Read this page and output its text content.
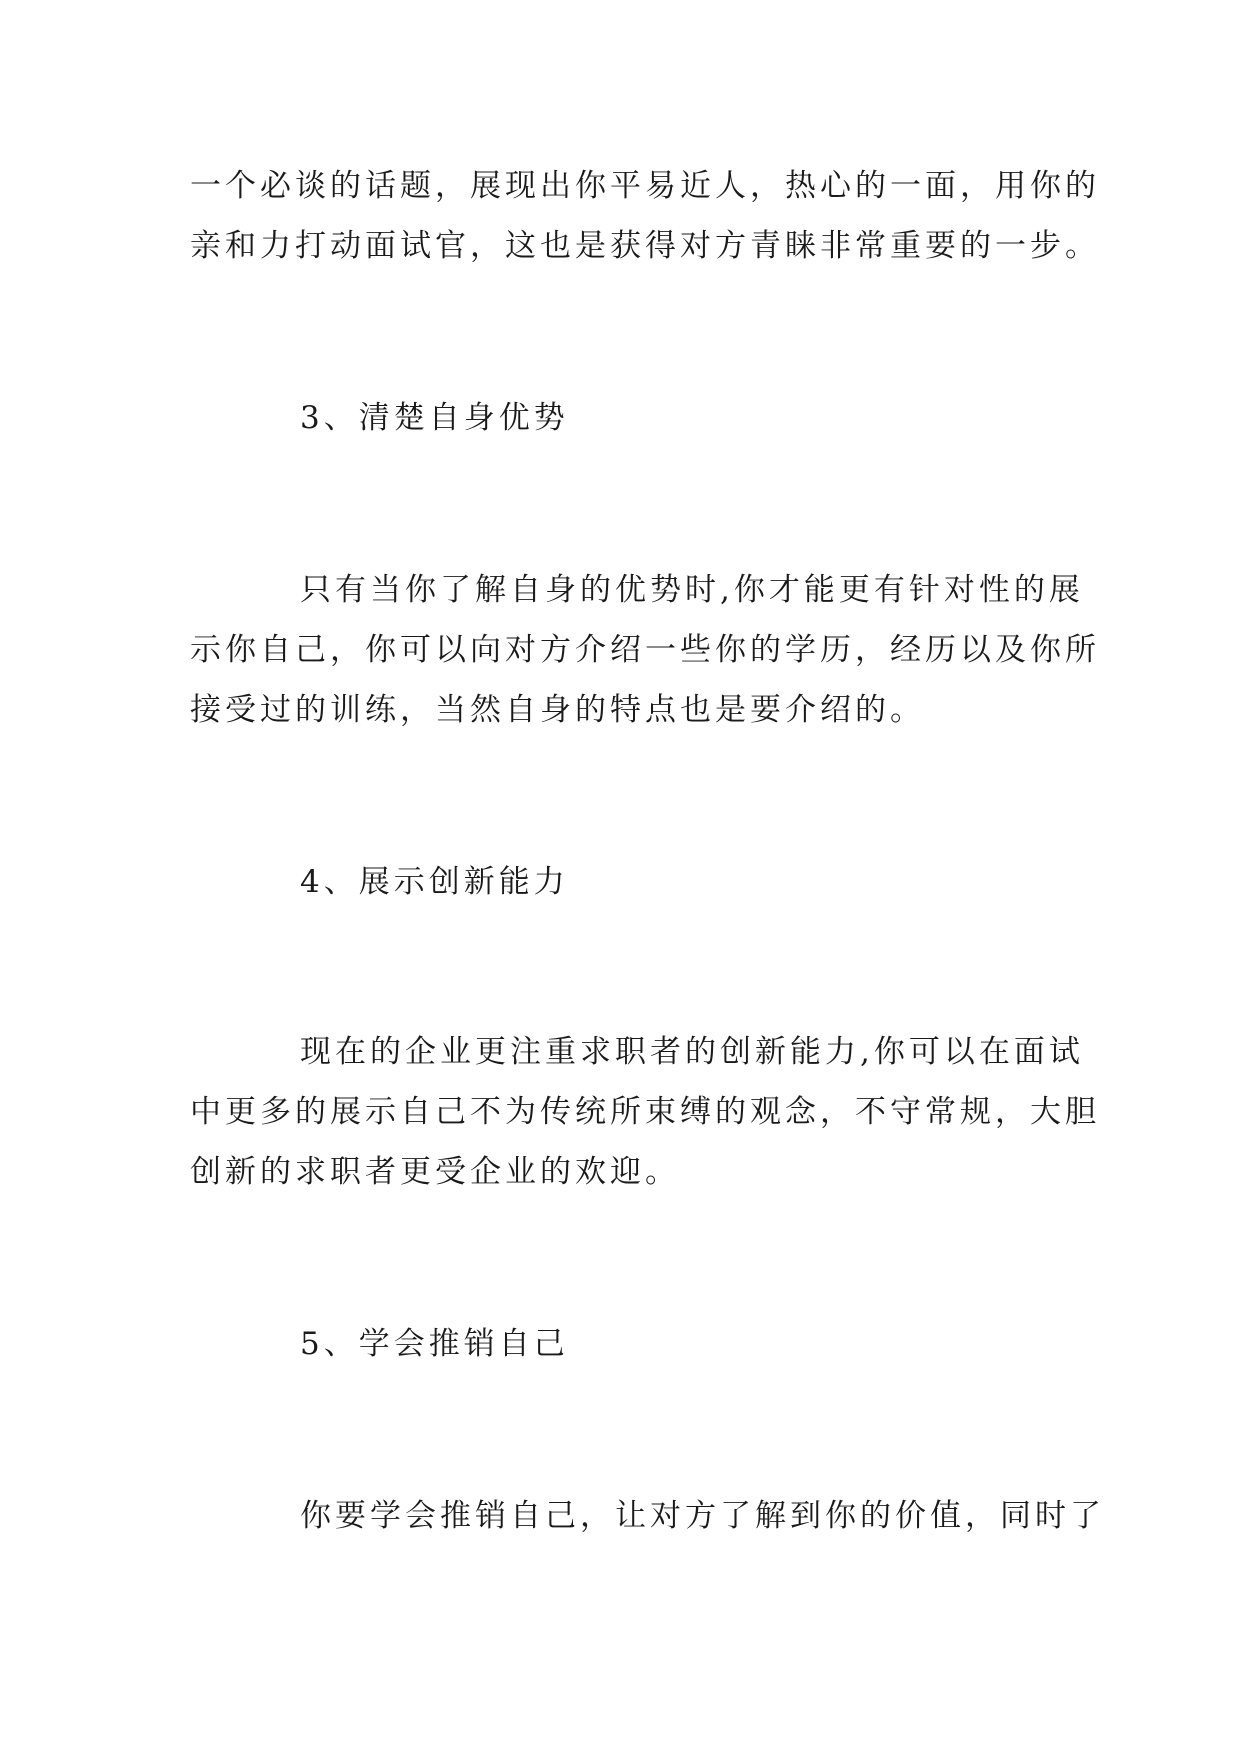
一个必谈的话题，展现出你平易近人，热心的一面，用你的
亲和力打动面试官，这也是获得对方青睐非常重要的一步。
3、清楚自身优势
只有当你了解自身的优势时,你才能更有针对性的展
示你自己，你可以向对方介绍一些你的学历，经历以及你所
接受过的训练，当然自身的特点也是要介绍的。
4、展示创新能力
现在的企业更注重求职者的创新能力,你可以在面试
中更多的展示自己不为传统所束缚的观念，不守常规，大胆
创新的求职者更受企业的欢迎。
5、学会推销自己
你要学会推销自己，让对方了解到你的价值，同时了
